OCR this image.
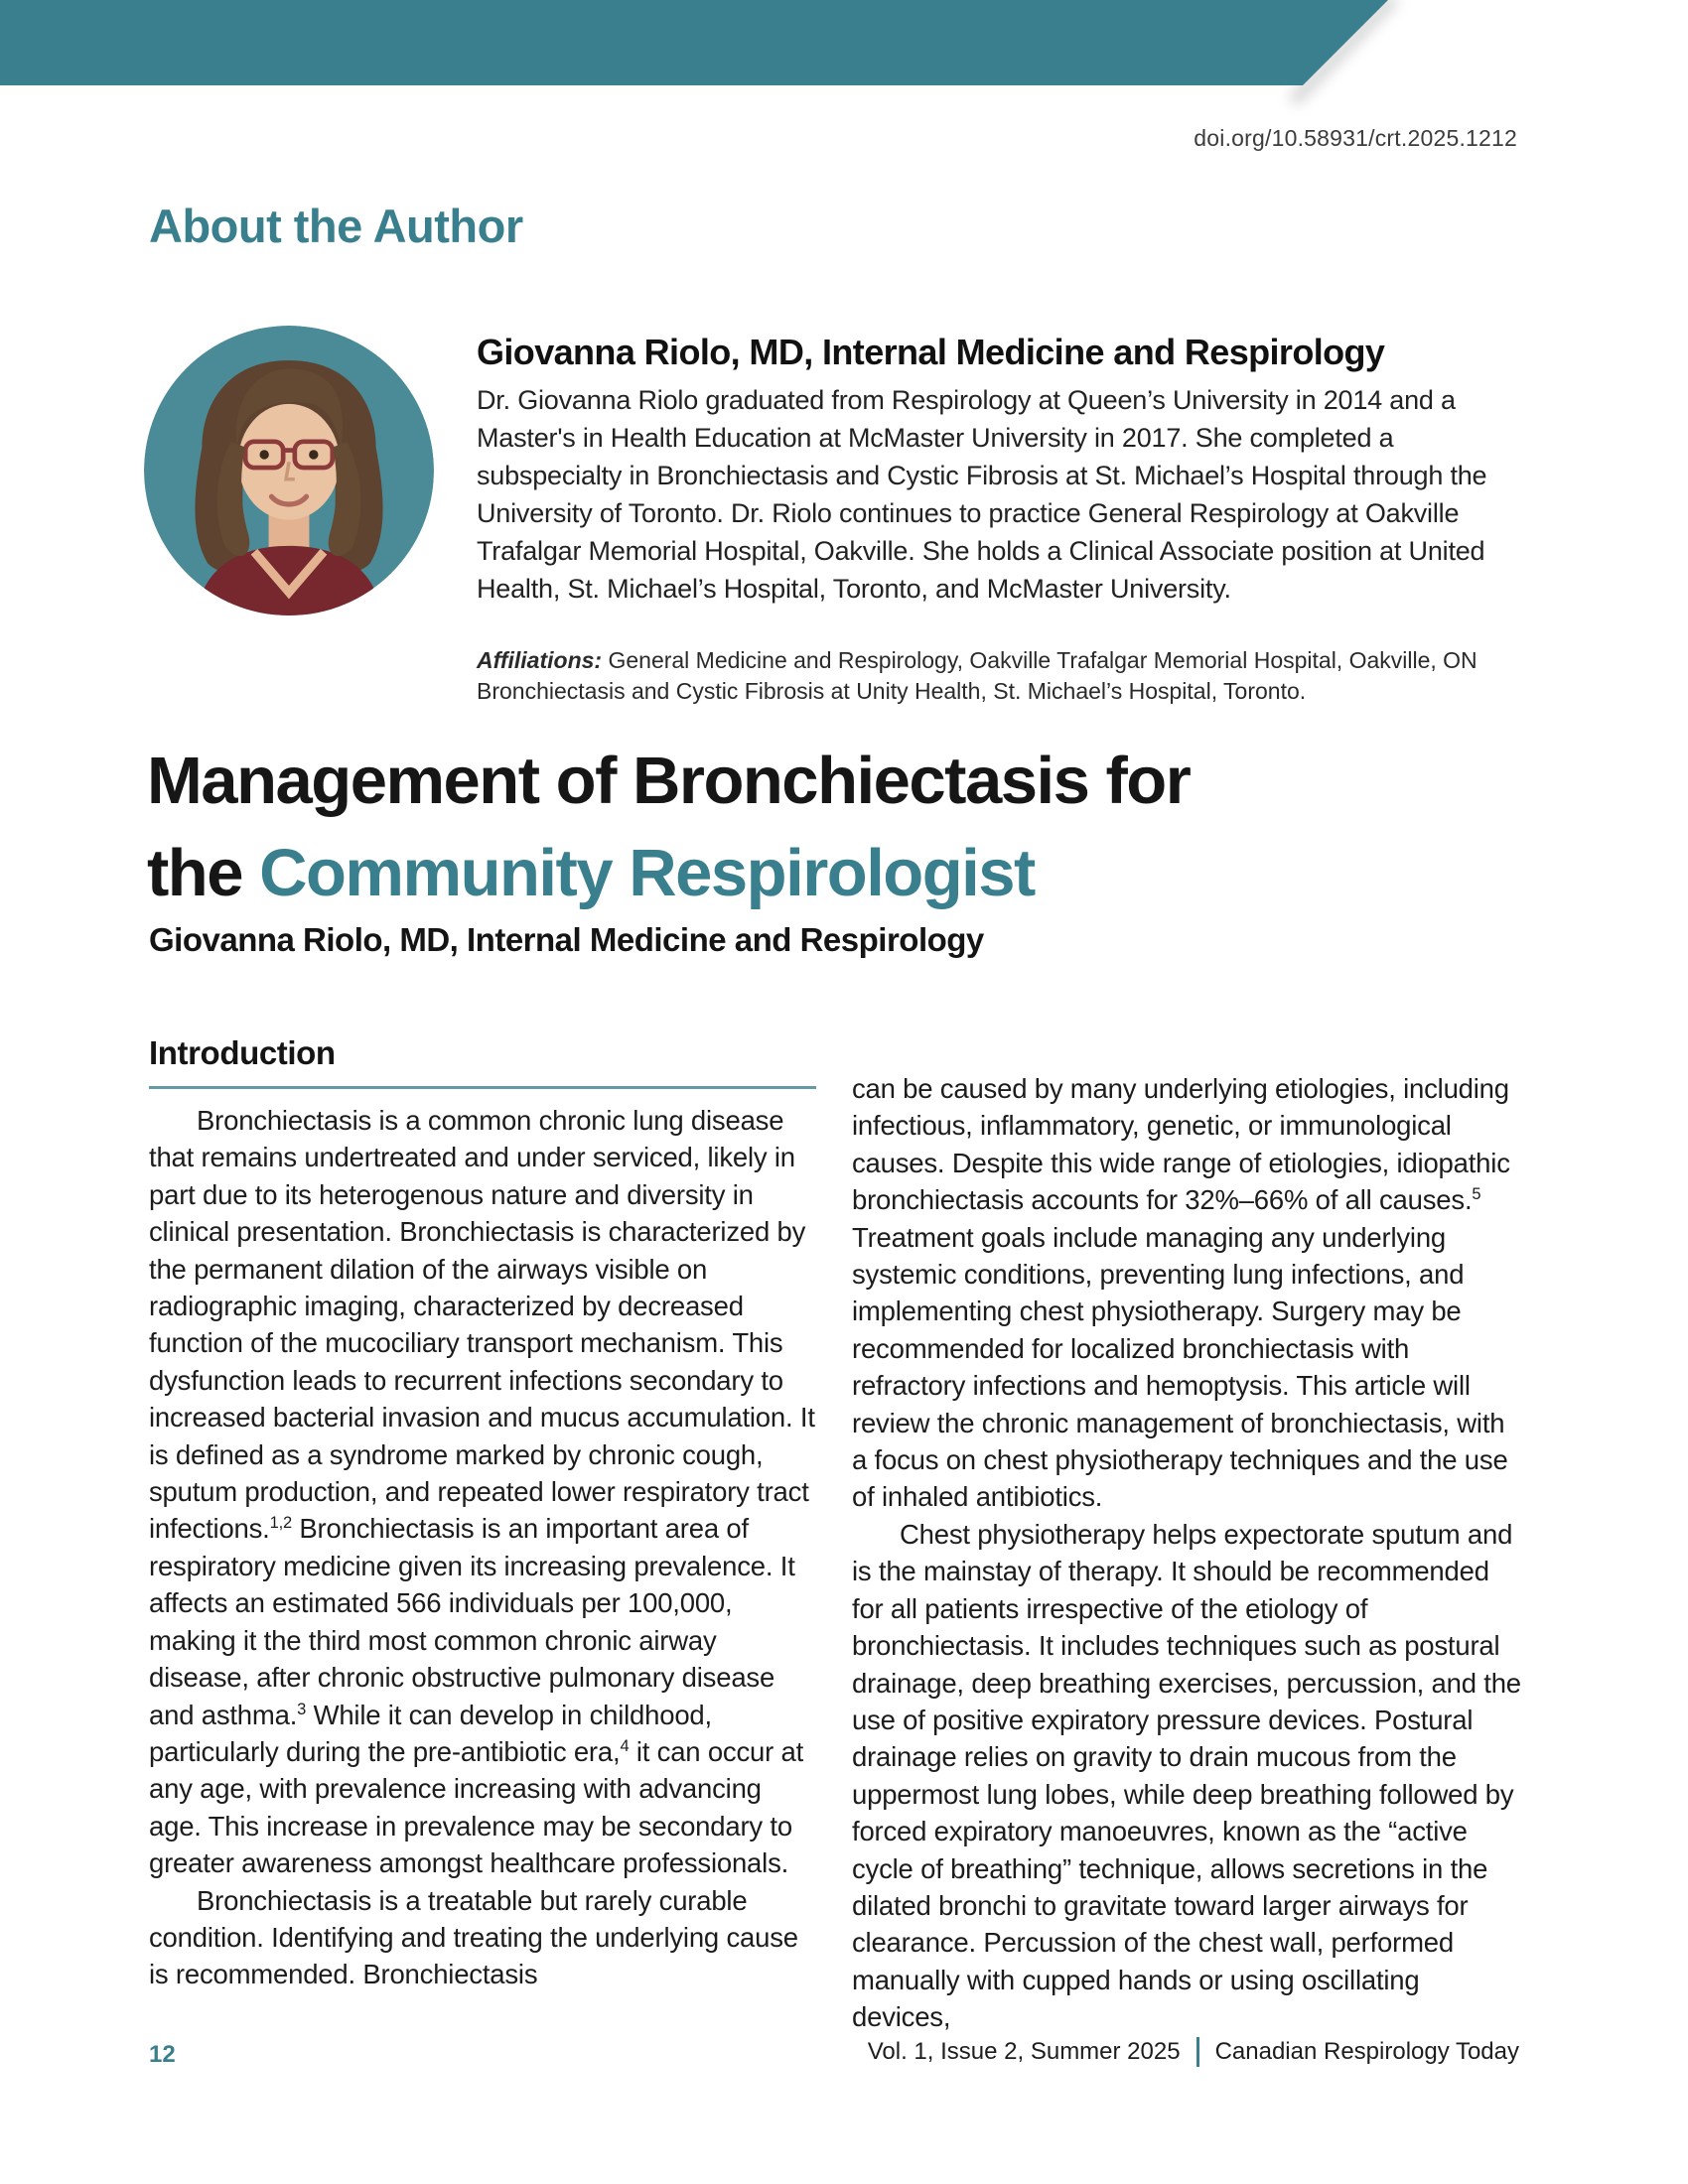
doi.org/10.58931/crt.2025.1212
About the Author
Giovanna Riolo, MD, Internal Medicine and Respirology
Dr. Giovanna Riolo graduated from Respirology at Queen’s University in 2014 and a Master's in Health Education at McMaster University in 2017. She completed a subspecialty in Bronchiectasis and Cystic Fibrosis at St. Michael’s Hospital through the University of Toronto. Dr. Riolo continues to practice General Respirology at Oakville Trafalgar Memorial Hospital, Oakville. She holds a Clinical Associate position at United Health, St. Michael’s Hospital, Toronto, and McMaster University.
Affiliations: General Medicine and Respirology, Oakville Trafalgar Memorial Hospital, Oakville, ON
Bronchiectasis and Cystic Fibrosis at Unity Health, St. Michael’s Hospital, Toronto.
Management of Bronchiectasis for
the Community Respirologist
Giovanna Riolo, MD, Internal Medicine and Respirology
Introduction

Bronchiectasis is a common chronic lung disease that remains undertreated and under serviced, likely in part due to its heterogenous nature and diversity in clinical presentation. Bronchiectasis is characterized by the permanent dilation of the airways visible on radiographic imaging, characterized by decreased function of the mucociliary transport mechanism. This dysfunction leads to recurrent infections secondary to increased bacterial invasion and mucus accumulation. It is defined as a syndrome marked by chronic cough, sputum production, and repeated lower respiratory tract infections.$^{1,2}$ Bronchiectasis is an important area of respiratory medicine given its increasing prevalence. It affects an estimated 566 individuals per 100,000, making it the third most common chronic airway disease, after chronic obstructive pulmonary disease and asthma.$^3$ While it can develop in childhood, particularly during the pre-antibiotic era,$^4$ it can occur at any age, with prevalence increasing with advancing age. This increase in prevalence may be secondary to greater awareness amongst healthcare professionals.

Bronchiectasis is a treatable but rarely curable condition. Identifying and treating the underlying cause is recommended. Bronchiectasis

can be caused by many underlying etiologies, including infectious, inflammatory, genetic, or immunological causes. Despite this wide range of etiologies, idiopathic bronchiectasis accounts for 32%–66% of all causes.$^5$ Treatment goals include managing any underlying systemic conditions, preventing lung infections, and implementing chest physiotherapy. Surgery may be recommended for localized bronchiectasis with refractory infections and hemoptysis. This article will review the chronic management of bronchiectasis, with a focus on chest physiotherapy techniques and the use of inhaled antibiotics.

Chest physiotherapy helps expectorate sputum and is the mainstay of therapy. It should be recommended for all patients irrespective of the etiology of bronchiectasis. It includes techniques such as postural drainage, deep breathing exercises, percussion, and the use of positive expiratory pressure devices. Postural drainage relies on gravity to drain mucous from the uppermost lung lobes, while deep breathing followed by forced expiratory manoeuvres, known as the “active cycle of breathing” technique, allows secretions in the dilated bronchi to gravitate toward larger airways for clearance. Percussion of the chest wall, performed manually with cupped hands or using oscillating devices,

12	Vol. 1, Issue 2, Summer 2025 Canadian Respirology Today
